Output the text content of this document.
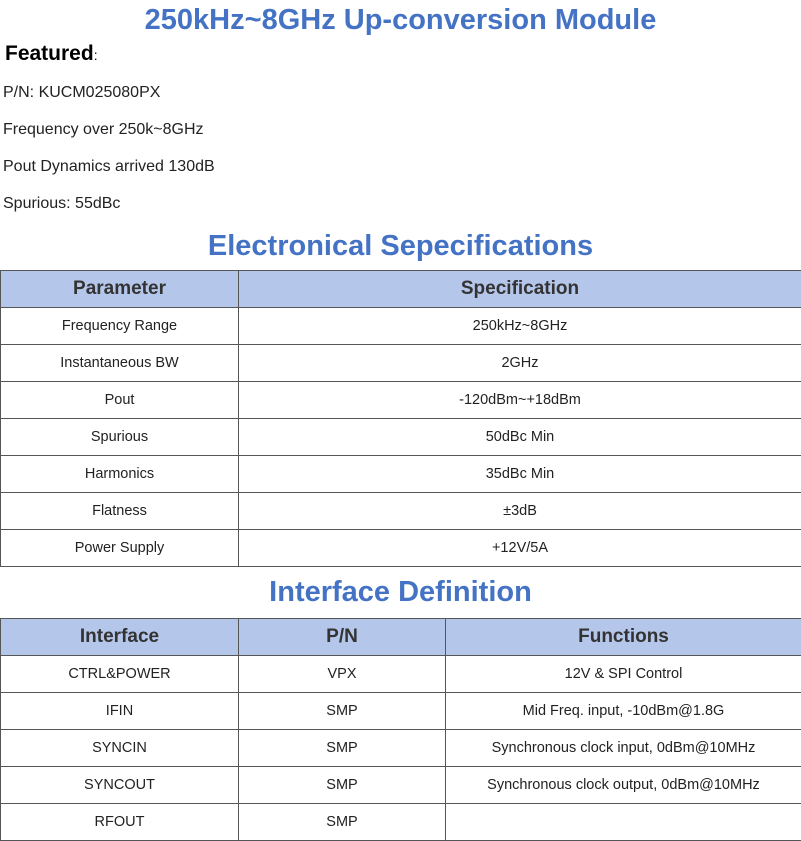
250kHz~8GHz Up-conversion Module

Featured:

P/N: KUCM025080PX

Frequency over 250k~8GHz

Pout Dynamics arrived 130dB

Spurious: 55dBc

Electronical Sepecifications
Parameter	Specification
Frequency Range	250kHz~8GHz
Instantaneous BW	2GHz
Pout	-120dBm~+18dBm
Spurious	50dBc Min
Harmonics	35dBc Min
Flatness	±3dB
Power Supply	+12V/5A
Interface Definition
Interface	P/N	Functions
CTRL&POWER	VPX	12V & SPI Control
IFIN	SMP	Mid Freq. input, -10dBm@1.8G
SYNCIN	SMP	Synchronous clock input, 0dBm@10MHz
SYNCOUT	SMP	Synchronous clock output, 0dBm@10MHz
RFOUT	SMP	
